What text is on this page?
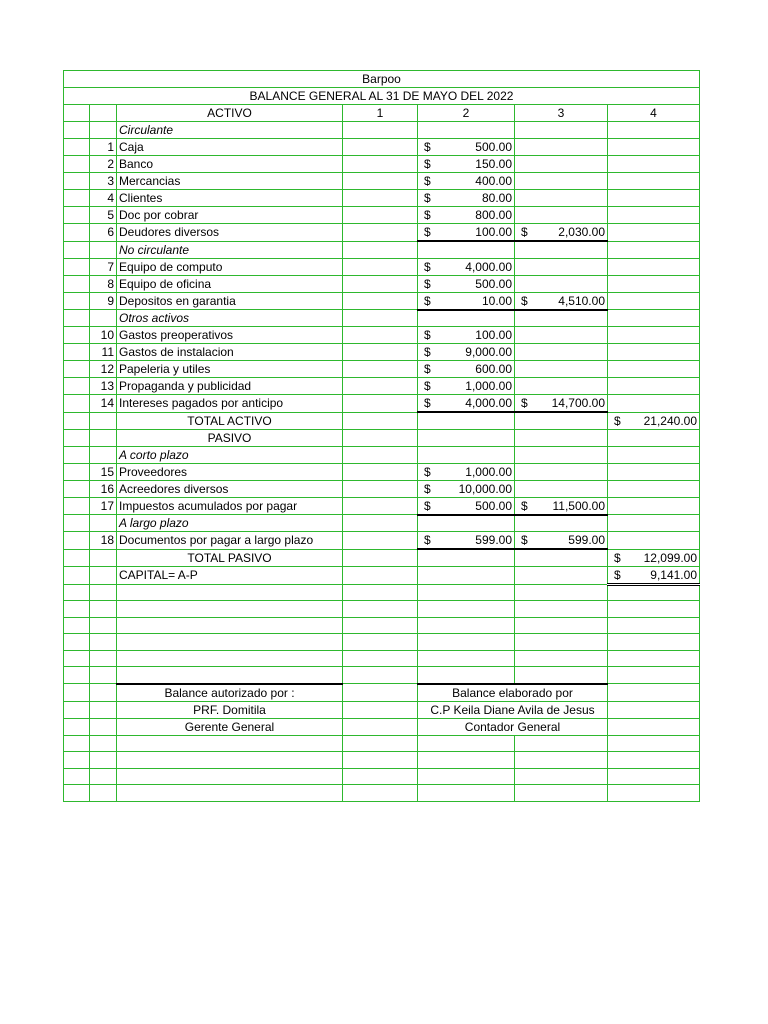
Barpoo						
BALANCE GENERAL AL 31 DE MAYO DEL 2022						
		ACTIVO	1	2	3	4
		Circulante				
	1	Caja		$ 500.00		

	2	Banco		$ 150.00		

	3	Mercancias		$ 400.00		

	4	Clientes		$ 80.00		

	5	Doc por cobrar		$ 800.00		

	6	Deudores diversos		$ 100.00	$ 2,030.00	

		No circulante				
	7	Equipo de computo		$ 4,000.00		

	8	Equipo de oficina		$ 500.00		

	9	Depositos en garantia		$ 10.00	$ 4,510.00	

		Otros activos				
	10	Gastos preoperativos		$ 100.00		

	11	Gastos de instalacion		$ 9,000.00		

	12	Papeleria y utiles		$ 600.00		

	13	Propaganda y publicidad		$ 1,000.00		

	14	Intereses pagados por anticipo		$ 4,000.00	$ 14,700.00	

		TOTAL ACTIVO				$ 21,240.00

		PASIVO				
		A corto plazo				
	15	Proveedores		$ 1,000.00		

	16	Acreedores diversos		$ 10,000.00		

	17	Impuestos acumulados por pagar		$ 500.00	$ 11,500.00	

		A largo plazo				
	18	Documentos por pagar a largo plazo		$ 599.00	$ 599.00	

		TOTAL PASIVO				$ 12,099.00

		CAPITAL= A-P				$ 9,141.00

		Balance autorizado por :		Balance elaborado por		
		PRF. Domitila		C.P Keila Diane Avila de Jesus		
		Gerente General		Contador General		
